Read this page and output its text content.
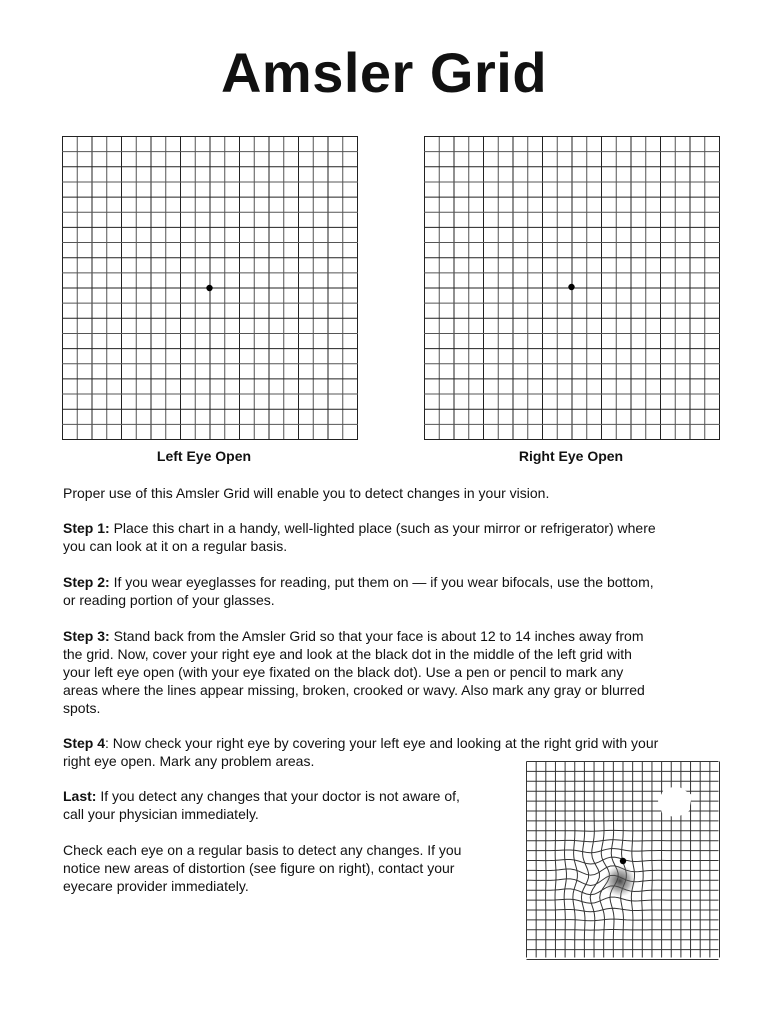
Amsler Grid
Left Eye Open	Right Eye Open
Proper use of this Amsler Grid will enable you to detect changes in your vision.
Step 1: Place this chart in a handy, well-lighted place (such as your mirror or refrigerator) where
you can look at it on a regular basis.
Step 2: If you wear eyeglasses for reading, put them on — if you wear bifocals, use the bottom,
or reading portion of your glasses.
Step 3: Stand back from the Amsler Grid so that your face is about 12 to 14 inches away from
the grid. Now, cover your right eye and look at the black dot in the middle of the left grid with
your left eye open (with your eye fixated on the black dot). Use a pen or pencil to mark any
areas where the lines appear missing, broken, crooked or wavy. Also mark any gray or blurred
spots.
Step 4: Now check your right eye by covering your left eye and looking at the right grid with your
right eye open. Mark any problem areas.
Last: If you detect any changes that your doctor is not aware of,
call your physician immediately.
Check each eye on a regular basis to detect any changes. If you
notice new areas of distortion (see figure on right), contact your
eyecare provider immediately.
